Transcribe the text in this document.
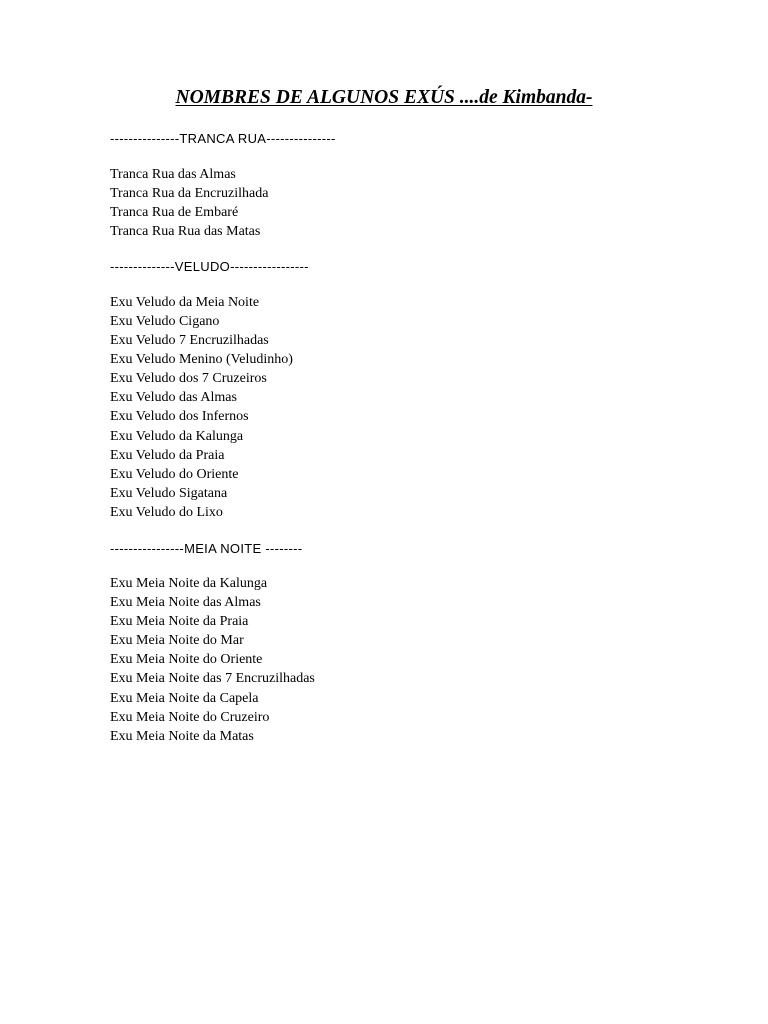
NOMBRES DE ALGUNOS EXÚS ....de Kimbanda-
---------------TRANCA RUA---------------
Tranca Rua das Almas
Tranca Rua da Encruzilhada
Tranca Rua de Embaré
Tranca Rua Rua das Matas
--------------VELUDO-----------------
Exu Veludo da Meia Noite
Exu Veludo Cigano
Exu Veludo 7 Encruzilhadas
Exu Veludo Menino (Veludinho)
Exu Veludo dos 7 Cruzeiros
Exu Veludo das Almas
Exu Veludo dos Infernos
Exu Veludo da Kalunga
Exu Veludo da Praia
Exu Veludo do Oriente
Exu Veludo Sigatana
Exu Veludo do Lixo
----------------MEIA NOITE --------
Exu Meia Noite da Kalunga
Exu Meia Noite das Almas
Exu Meia Noite da Praia
Exu Meia Noite do Mar
Exu Meia Noite do Oriente
Exu Meia Noite das 7 Encruzilhadas
Exu Meia Noite da Capela
Exu Meia Noite do Cruzeiro
Exu Meia Noite da Matas
